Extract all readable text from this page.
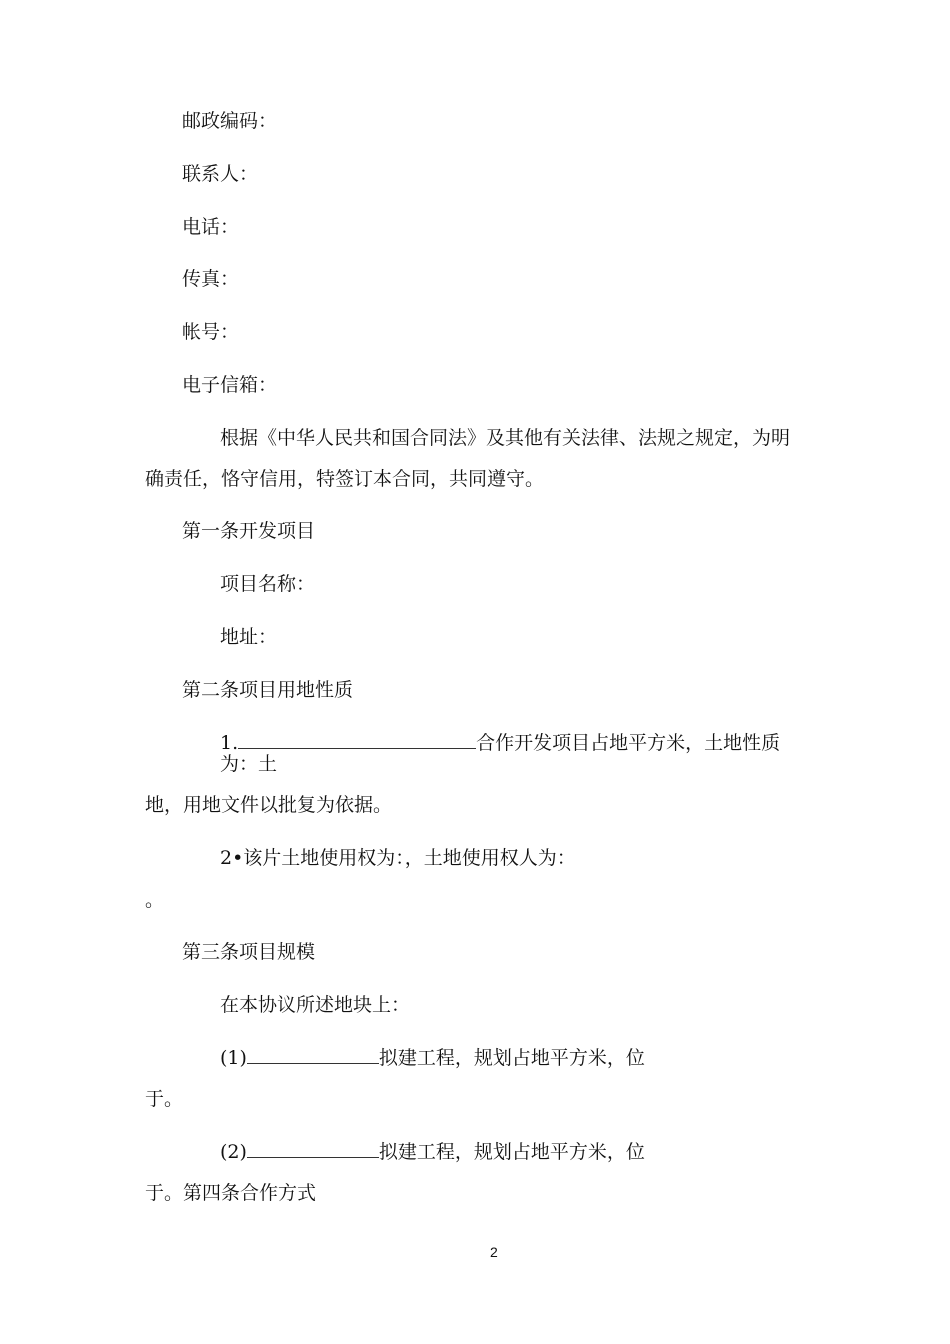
邮政编码：
联系人：
电话：
传真：
帐号：
电子信箱：
根据《中华人民共和国合同法》及其他有关法律、法规之规定，为明
确责任，恪守信用，特签订本合同，共同遵守。
第一条开发项目
项目名称：
地址：
第二条项目用地性质
1.	合作开发项目占地平方米，土地性质
为：土
地，用地文件以批复为依据。
2•该片土地使用权为：，土地使用权人为：
。
第三条项目规模
在本协议所述地块上：
(1)	拟建工程，规划占地平方米，位
于。
(2)	拟建工程，规划占地平方米，位
于。第四条合作方式
2
